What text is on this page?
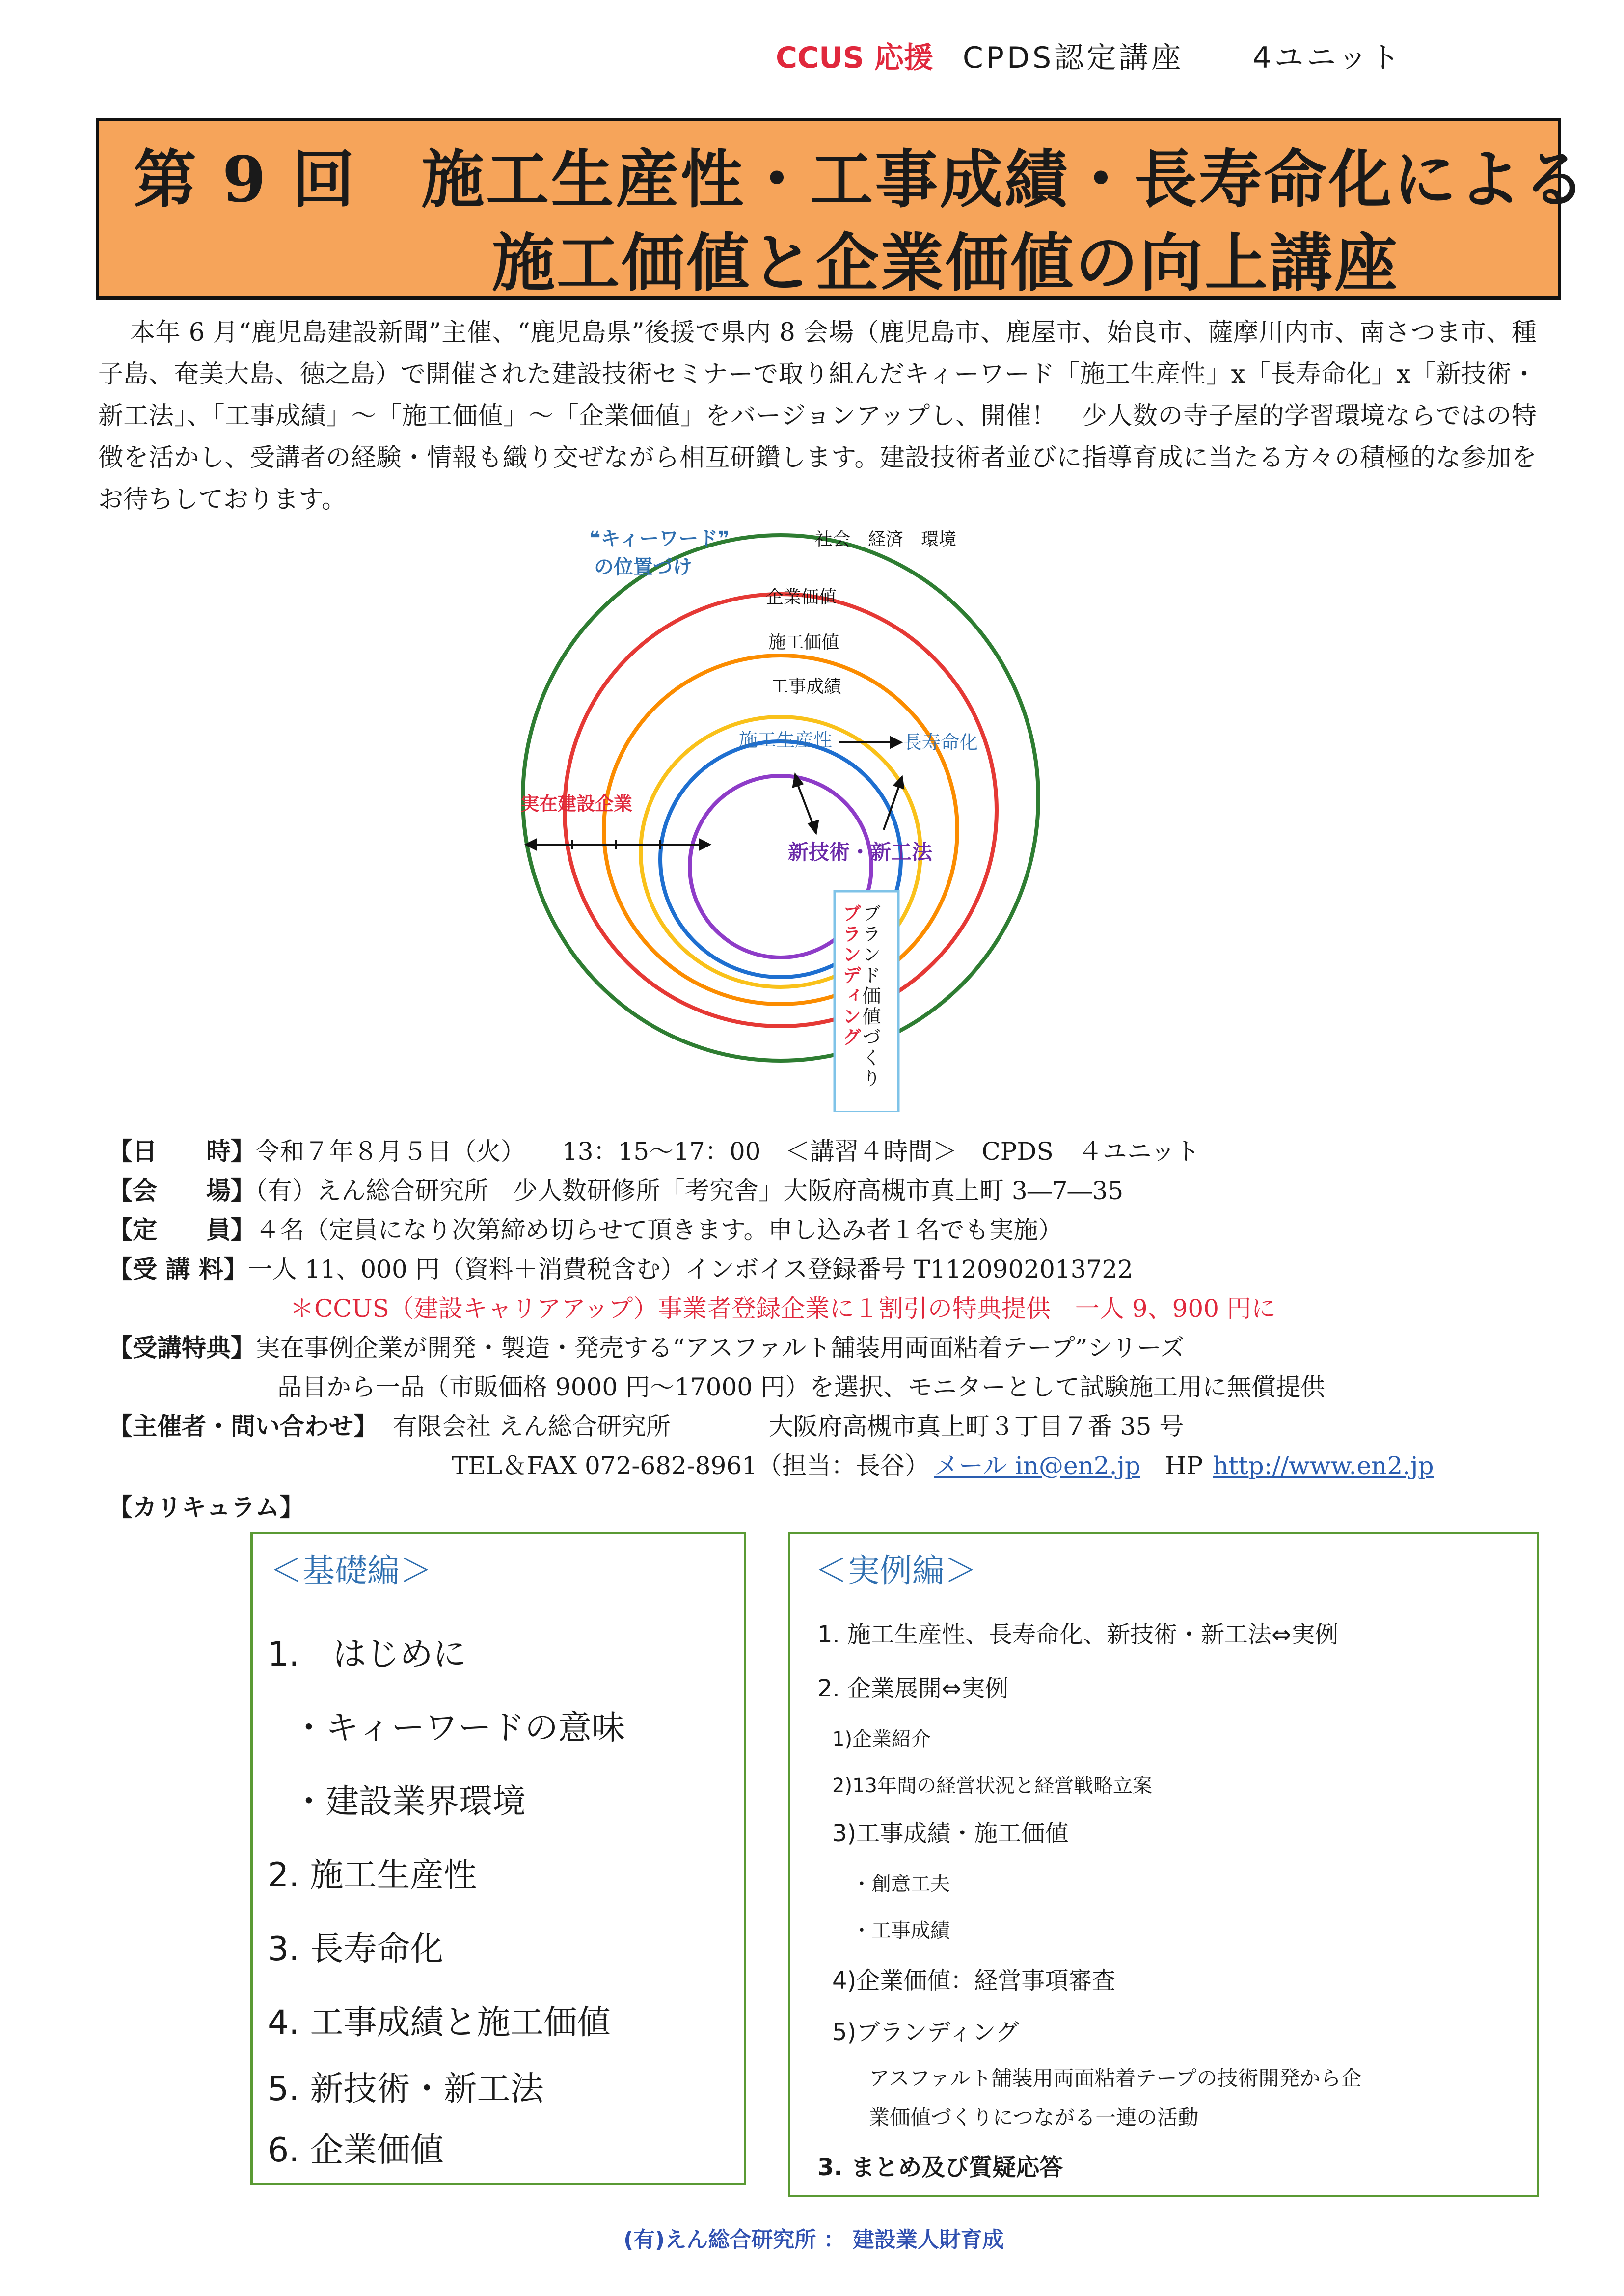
CCUS 応援 CPDS認定講座 4ユニット
第 9 回　施工生産性・工事成績・長寿命化による
施工価値と企業価値の向上講座

本年 6 月“鹿児島建設新聞”主催、“鹿児島県”後援で県内 8 会場（鹿児島市、鹿屋市、始良市、薩摩川内市、南さつま市、種子島、奄美大島、徳之島）で開催された建設技術セミナーで取り組んだキィーワード「施工生産性」x「長寿命化」x「新技術・新工法」、「工事成績」〜「施工価値」〜「企業価値」をバージョンアップし、開催！　少人数の寺子屋的学習環境ならではの特徴を活かし、受講者の経験・情報も織り交ぜながら相互研鑽します。建設技術者並びに指導育成に当たる方々の積極的な参加をお待ちしております。

❝キィーワード❞
の位置づけ
社会　経済　環境
企業価値
施工価値
工事成績
施工生産性	長寿命化
新技術・新工法
実在建設企業
ブランド価値づくり
ブランディング
【日　　時】令和７年８月５日（火）　　13：15〜17：00　＜講習４時間＞　CPDS　４ユニット
【会　　場】（有）えん総合研究所　少人数研修所「考究舎」大阪府高槻市真上町 3―7―35
【定　　員】４名（定員になり次第締め切らせて頂きます。申し込み者１名でも実施）
【受 講 料】一人 11、000 円（資料＋消費税含む）インボイス登録番号 T1120902013722
＊CCUS（建設キャリアアップ）事業者登録企業に１割引の特典提供　一人 9、900 円に
【受講特典】実在事例企業が開発・製造・発売する“アスファルト舗装用両面粘着テープ”シリーズ
品目から一品（市販価格 9000 円〜17000 円）を選択、モニターとして試験施工用に無償提供
【主催者・問い合わせ】 有限会社 えん総合研究所	大阪府高槻市真上町３丁目７番 35 号
TEL＆FAX 072-682-8961（担当：長谷） メール in@en2.jp HP http://www.en2.jp
【カリキュラム】
＜基礎編＞
1.　はじめに
・キィーワードの意味
・建設業界環境
2. 施工生産性
3. 長寿命化
4. 工事成績と施工価値
5. 新技術・新工法
6. 企業価値
＜実例編＞
1. 施工生産性、長寿命化、新技術・新工法⇔実例
2. 企業展開⇔実例
1)企業紹介
2)13年間の経営状況と経営戦略立案
3)工事成績・施工価値
・創意工夫
・工事成績
4)企業価値：経営事項審査
5)ブランディング
アスファルト舗装用両面粘着テープの技術開発から企
業価値づくりにつながる一連の活動
3. まとめ及び質疑応答
(有)えん総合研究所 ： 建設業人財育成
